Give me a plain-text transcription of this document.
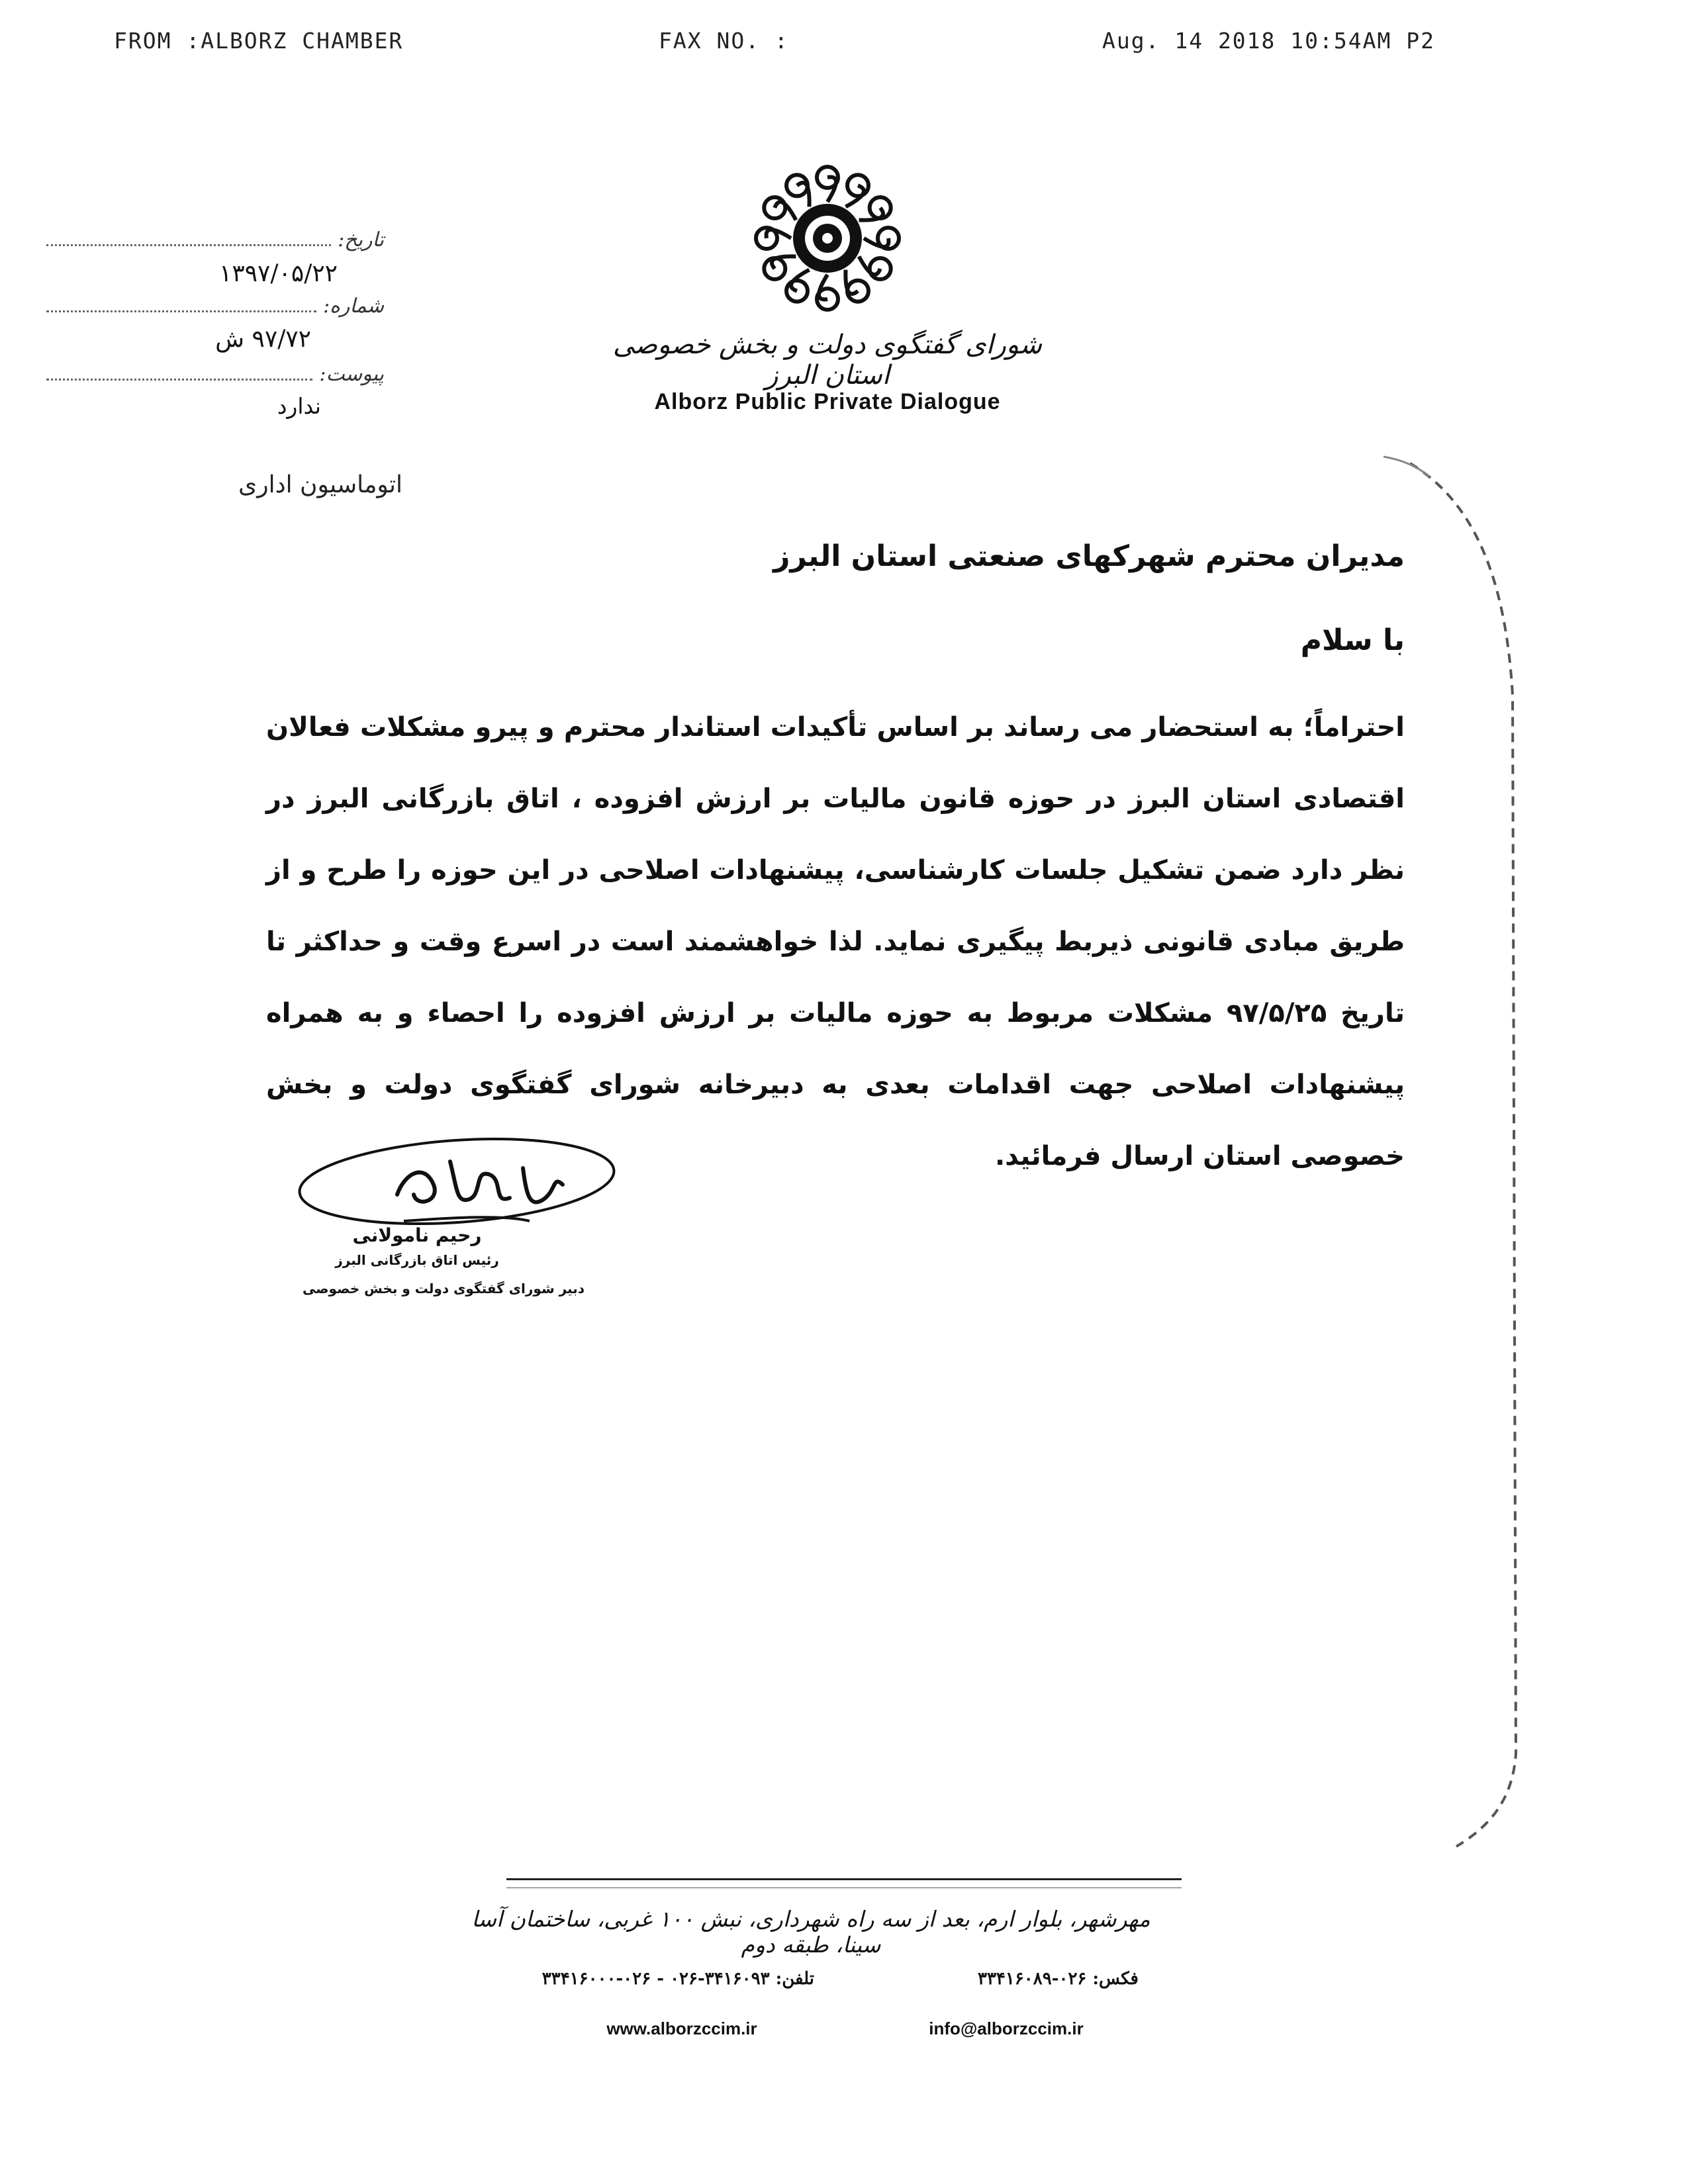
FROM :ALBORZ CHAMBER	FAX NO. :	Aug. 14 2018 10:54AM P2
شورای گفتگوی دولت و بخش خصوصی استان البرز
Alborz Public Private Dialogue
تاریخ:
۱۳۹۷/۰۵/۲۲
شماره:
۹۷/۷۲ ش
پیوست:
ندارد
اتوماسیون اداری
مدیران محترم شهرکهای صنعتی استان البرز
با سلام
احتراماً؛ به استحضار می رساند بر اساس تأکیدات استاندار محترم و پیرو مشکلات فعالان اقتصادی استان البرز در حوزه قانون مالیات بر ارزش افزوده ، اتاق بازرگانی البرز در نظر دارد ضمن تشکیل جلسات کارشناسی، پیشنهادات اصلاحی در این حوزه را طرح و از طریق مبادی قانونی ذیربط پیگیری نماید. لذا خواهشمند است در اسرع وقت و حداکثر تا تاریخ ۹۷/۵/۲۵ مشکلات مربوط به حوزه مالیات بر ارزش افزوده را احصاء و به همراه پیشنهادات اصلاحی جهت اقدامات بعدی به دبیرخانه شورای گفتگوی دولت و بخش خصوصی استان ارسال فرمائید.
رحیم نامولانی
رئیس اتاق بازرگانی البرز
دبیر شورای گفتگوی دولت و بخش خصوصی
مهرشهر، بلوار ارم، بعد از سه راه شهرداری، نبش ۱۰۰ غربی، ساختمان آسا سینا، طبقه دوم
تلفن: ۳۴۱۶۰۹۳-۰۲۶ - ۰۲۶-۳۳۴۱۶۰۰۰	فکس: ۰۲۶-۳۳۴۱۶۰۸۹
www.alborzccim.ir	info@alborzccim.ir
